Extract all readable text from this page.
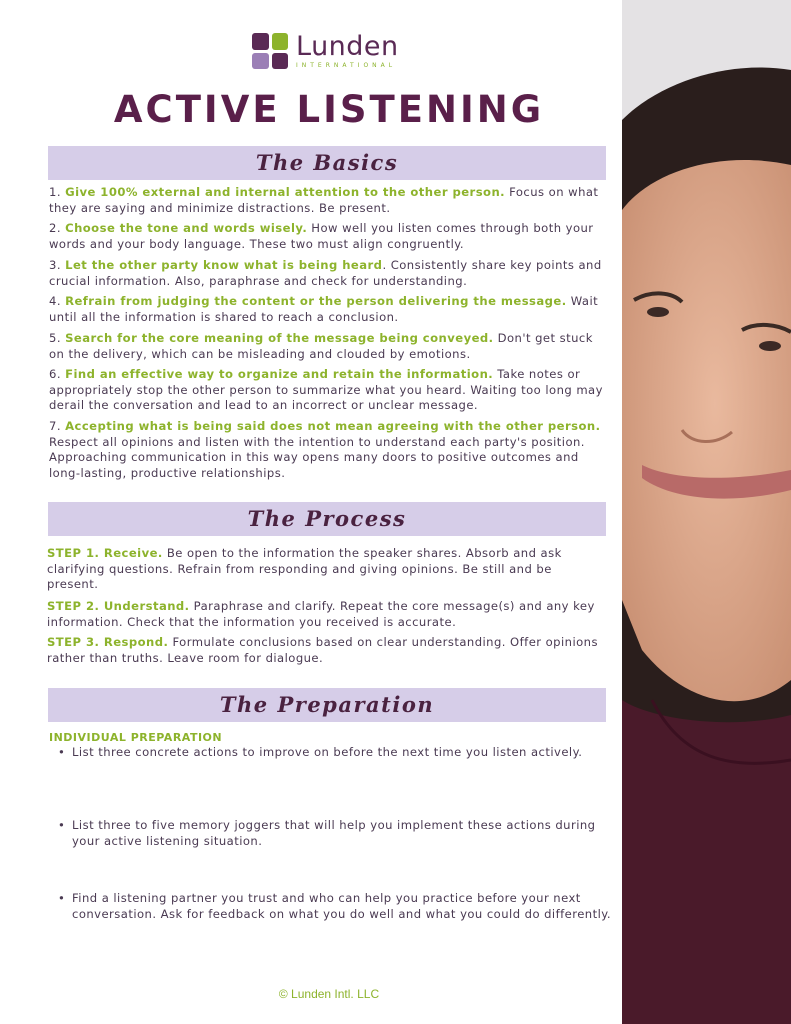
Lunden
INTERNATIONAL
ACTIVE LISTENING
The Basics
1. Give 100% external and internal attention to the other person. Focus on what they are saying and minimize distractions. Be present.
2. Choose the tone and words wisely. How well you listen comes through both your words and your body language. These two must align congruently.
3. Let the other party know what is being heard. Consistently share key points and crucial information. Also, paraphrase and check for understanding.
4. Refrain from judging the content or the person delivering the message. Wait until all the information is shared to reach a conclusion.
5. Search for the core meaning of the message being conveyed. Don't get stuck on the delivery, which can be misleading and clouded by emotions.
6. Find an effective way to organize and retain the information. Take notes or appropriately stop the other person to summarize what you heard. Waiting too long may derail the conversation and lead to an incorrect or unclear message.
7. Accepting what is being said does not mean agreeing with the other person. Respect all opinions and listen with the intention to understand each party's position. Approaching communication in this way opens many doors to positive outcomes and long-lasting, productive relationships.
The Process
STEP 1. Receive. Be open to the information the speaker shares. Absorb and ask clarifying questions. Refrain from responding and giving opinions. Be still and be present.
STEP 2. Understand. Paraphrase and clarify. Repeat the core message(s) and any key information. Check that the information you received is accurate.
STEP 3. Respond. Formulate conclusions based on clear understanding. Offer opinions rather than truths. Leave room for dialogue.
The Preparation
INDIVIDUAL PREPARATION
• List three concrete actions to improve on before the next time you listen actively.
• List three to five memory joggers that will help you implement these actions during your active listening situation.
• Find a listening partner you trust and who can help you practice before your next conversation. Ask for feedback on what you do well and what you could do differently.
© Lunden Intl. LLC
